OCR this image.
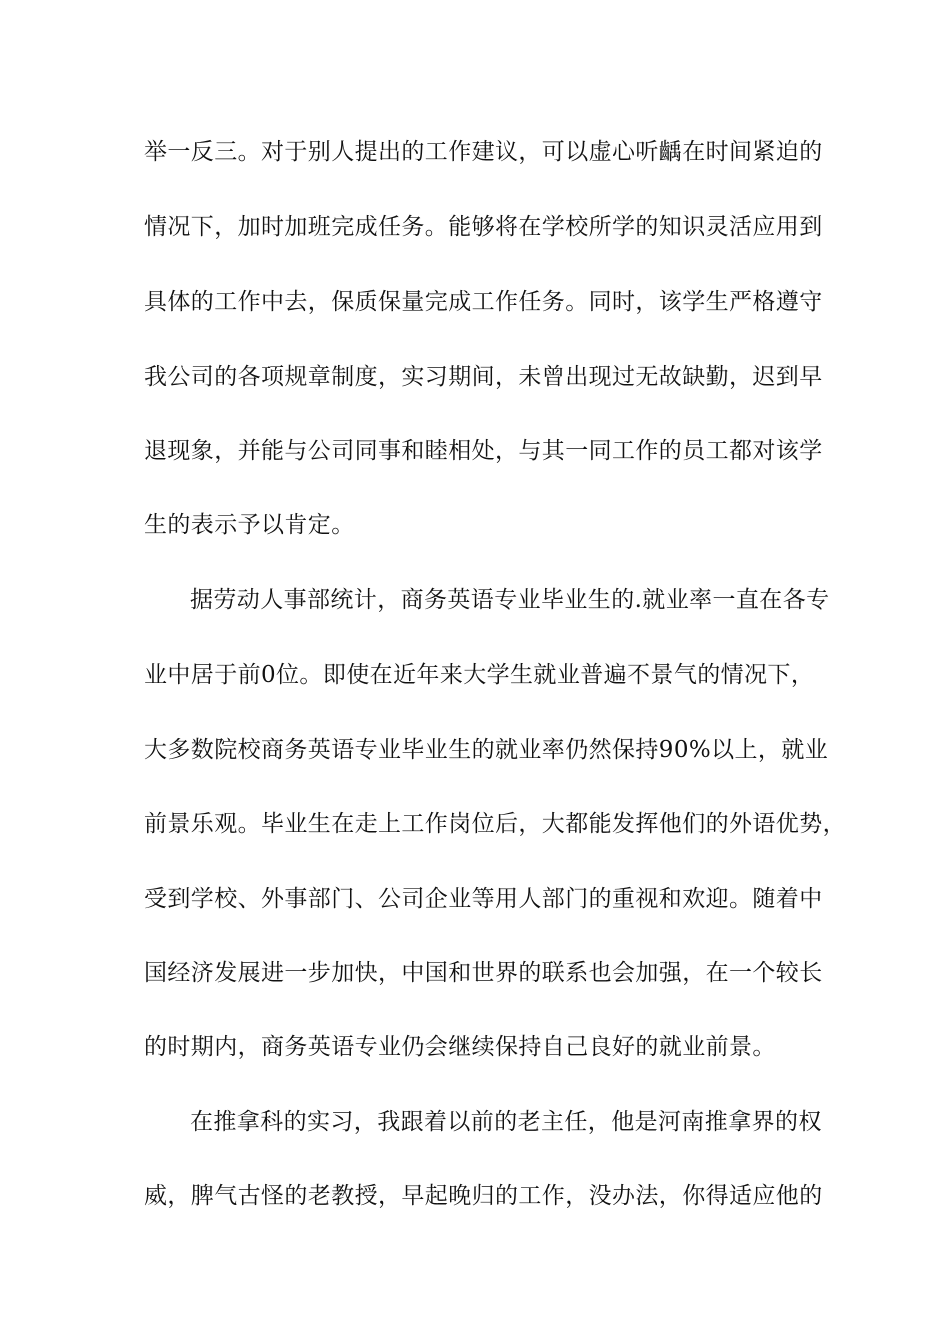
举一反三。对于别人提出的工作建议，可以虚心听齲在时间紧迫的

情况下，加时加班完成任务。能够将在学校所学的知识灵活应用到

具体的工作中去，保质保量完成工作任务。同时，该学生严格遵守

我公司的各项规章制度，实习期间，未曾出现过无故缺勤，迟到早

退现象，并能与公司同事和睦相处，与其一同工作的员工都对该学

生的表示予以肯定。

据劳动人事部统计，商务英语专业毕业生的.就业率一直在各专

业中居于前0位。即使在近年来大学生就业普遍不景气的情况下，

大多数院校商务英语专业毕业生的就业率仍然保持90%以上，就业

前景乐观。毕业生在走上工作岗位后，大都能发挥他们的外语优势，

受到学校、外事部门、公司企业等用人部门的重视和欢迎。随着中

国经济发展进一步加快，中国和世界的联系也会加强，在一个较长

的时期内，商务英语专业仍会继续保持自己良好的就业前景。

在推拿科的实习，我跟着以前的老主任，他是河南推拿界的权

威，脾气古怪的老教授，早起晚归的工作，没办法，你得适应他的
